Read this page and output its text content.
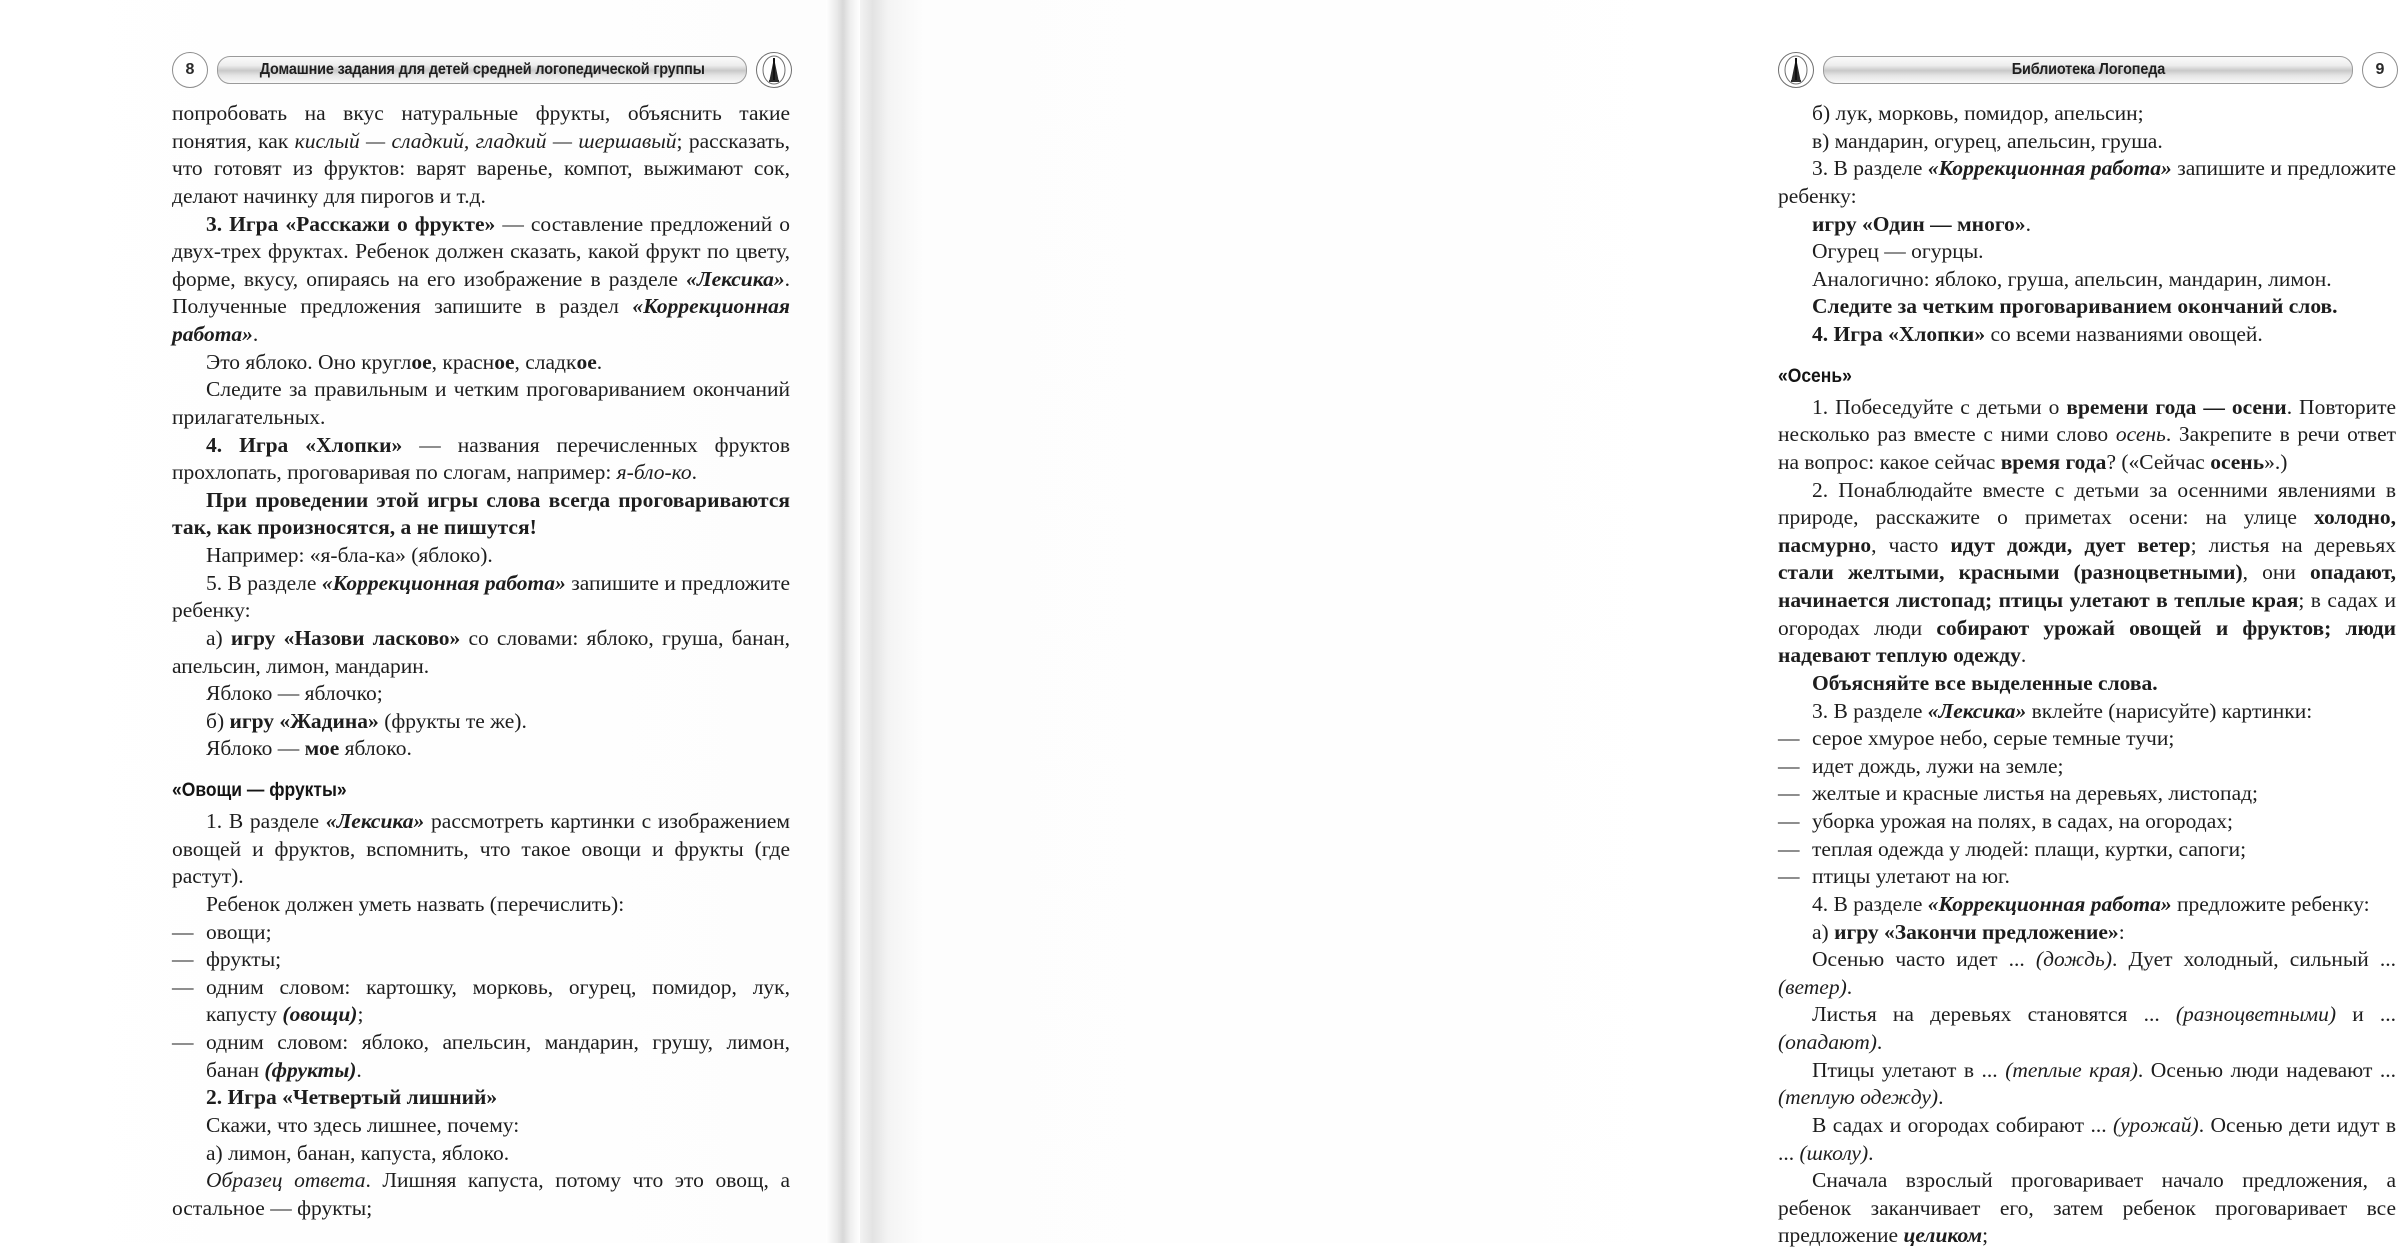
8	Домашние задания для детей средней логопедической группы

попробовать на вкус натуральные фрукты, объяснить такие понятия, как кислый — сладкий, гладкий — шершавый; рассказать, что готовят из фруктов: варят варенье, компот, выжимают сок, делают начинку для пирогов и т.д.

3. Игра «Расскажи о фрукте» — составление предложений о двух-трех фруктах. Ребенок должен сказать, какой фрукт по цвету, форме, вкусу, опираясь на его изображение в разделе «Лексика». Полученные предложения запишите в раздел «Коррекционная работа».

Это яблоко. Оно круглое, красное, сладкое.

Следите за правильным и четким проговариванием окончаний прилагательных.

4. Игра «Хлопки» — названия перечисленных фруктов прохлопать, проговаривая по слогам, например: я-бло-ко.

При проведении этой игры слова всегда проговариваются так, как произносятся, а не пишутся!

Например: «я-бла-ка» (яблоко).

5. В разделе «Коррекционная работа» запишите и предложите ребенку:

а) игру «Назови ласково» со словами: яблоко, груша, банан, апельсин, лимон, мандарин.

Яблоко — яблочко;

б) игру «Жадина» (фрукты те же).

Яблоко — мое яблоко.

«Овощи — фрукты»

1. В разделе «Лексика» рассмотреть картинки с изображением овощей и фруктов, вспомнить, что такое овощи и фрукты (где растут).

Ребенок должен уметь назвать (перечислить):

— овощи;

— фрукты;

— одним словом: картошку, морковь, огурец, помидор, лук, капусту (овощи);

— одним словом: яблоко, апельсин, мандарин, грушу, лимон, банан (фрукты).

2. Игра «Четвертый лишний»

Скажи, что здесь лишнее, почему:

а) лимон, банан, капуста, яблоко.

Образец ответа. Лишняя капуста, потому что это овощ, а остальное — фрукты;

Библиотека Логопеда	9

б) лук, морковь, помидор, апельсин;

в) мандарин, огурец, апельсин, груша.

3. В разделе «Коррекционная работа» запишите и предложите ребенку:

игру «Один — много».

Огурец — огурцы.

Аналогично: яблоко, груша, апельсин, мандарин, лимон.

Следите за четким проговариванием окончаний слов.

4. Игра «Хлопки» со всеми названиями овощей.

«Осень»

1. Побеседуйте с детьми о времени года — осени. Повторите несколько раз вместе с ними слово осень. Закрепите в речи ответ на вопрос: какое сейчас время года? («Сейчас осень».)

2. Понаблюдайте вместе с детьми за осенними явлениями в природе, расскажите о приметах осени: на улице холодно, пасмурно, часто идут дожди, дует ветер; листья на деревьях стали желтыми, красными (разноцветными), они опадают, начинается листопад; птицы улетают в теплые края; в садах и огородах люди собирают урожай овощей и фруктов; люди надевают теплую одежду.

Объясняйте все выделенные слова.

3. В разделе «Лексика» вклейте (нарисуйте) картинки:

— серое хмурое небо, серые темные тучи;

— идет дождь, лужи на земле;

— желтые и красные листья на деревьях, листопад;

— уборка урожая на полях, в садах, на огородах;

— теплая одежда у людей: плащи, куртки, сапоги;

— птицы улетают на юг.

4. В разделе «Коррекционная работа» предложите ребенку:

а) игру «Закончи предложение»:

Осенью часто идет ... (дождь). Дует холодный, сильный ... (ветер).

Листья на деревьях становятся ... (разноцветными) и ... (опадают).

Птицы улетают в ... (теплые края). Осенью люди надевают ... (теплую одежду).

В садах и огородах собирают ... (урожай). Осенью дети идут в ... (школу).

Сначала взрослый проговаривает начало предложения, а ребенок заканчивает его, затем ребенок проговаривает все предложение целиком;
